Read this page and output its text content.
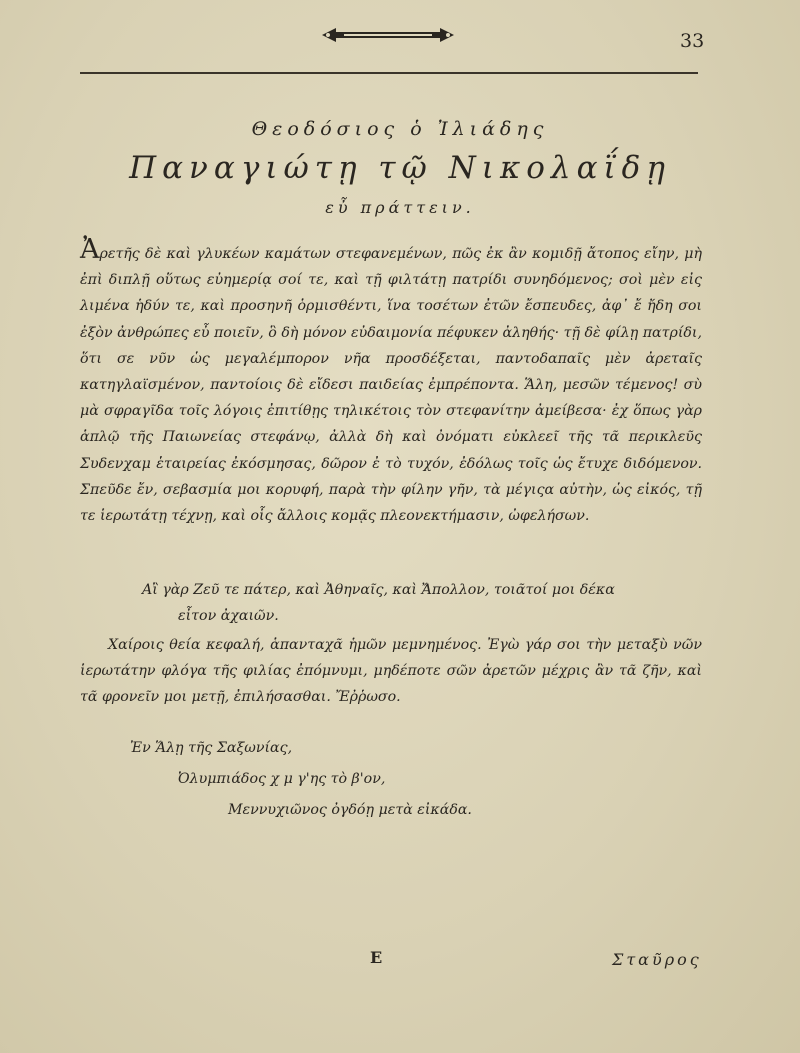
33
Θεοδόσιος ὁ Ἰλιάδης
Παναγιώτῃ τῷ Νικολαΐδῃ
εὖ πράττειν.
Ἀρετῆς δὲ καὶ γλυκέων καμάτων στεφανεμένων, πῶς ἐκ ἂν κομιδῇ ἄτοπος εἴην, μὴ ἐπὶ διπλῇ οὕτως εὐημερίᾳ σοί τε, καὶ τῇ φιλτάτῃ πατρίδι συνηδόμενος; σοὶ μὲν εἰς λιμένα ἡδύν τε, καὶ προσηνῆ ὁρμισθέντι, ἵνα τοσέτων ἐτῶν ἔσπευδες, ἀφ᾽ ἔ ἤδη σοι ἐξὸν ἀνθρώπες εὖ ποιεῖν, ὃ δὴ μόνον εὐδαιμονία πέφυκεν ἀληθής· τῇ δὲ φίλῃ πατρίδι, ὅτι σε νῦν ὡς μεγαλέμπορον νῆα προσδέξεται, παντοδαπαῖς μὲν ἀρεταῖς κατηγλαϊσμένον, παντοίοις δὲ εἴδεσι παιδείας ἐμπρέποντα. Ἅλη, μεσῶν τέμενος! σὺ μὰ σφραγῖδα τοῖς λόγοις ἐπιτίθῃς τηλικέτοις τὸν στεφανίτην ἀμείβεσα· ἐχ ὅπως γὰρ ἁπλῷ τῆς Παιωνείας στεφάνῳ, ἀλλὰ δὴ καὶ ὀνόματι εὐκλεεῖ τῆς τᾶ περικλεῦς Συδενχαμ ἑταιρείας ἐκόσμησας, δῶρον ἐ τὸ τυχόν, ἐδόλως τοῖς ὡς ἔτυχε διδόμενον. Σπεῦδε ἔν, σεβασμία μοι κορυφή, παρὰ τὴν φίλην γῆν, τὰ μέγιςα αὐτὴν, ὡς εἰκός, τῇ τε ἱερωτάτῃ τέχνῃ, καὶ οἷς ἄλλοις κομᾷς πλεονεκτήμασιν, ὠφελήσων.
Αἲ γὰρ Ζεῦ τε πάτερ, καὶ Ἀθηναῖς, καὶ Ἄπολλον, τοιᾶτοί μοι δέκα
εἶτον ἀχαιῶν.
Χαίροις θεία κεφαλή, ἁπανταχᾶ ἡμῶν μεμνημένος. Ἐγὼ γάρ σοι τὴν μεταξὺ νῶν ἱερωτάτην φλόγα τῆς φιλίας ἐπόμνυμι, μηδέποτε σῶν ἀρετῶν μέχρις ἂν τᾶ ζῆν, καὶ τᾶ φρονεῖν μοι μετῇ, ἐπιλήσασθαι. Ἔῤῥωσο.
Ἐν Ἅλῃ τῆς Σαξωνίας,
Ὀλυμπιάδος χ μ γ'ης τὸ β'ον,
Μεννυχιῶνος ὀγδόῃ μετὰ εἰκάδα.
Ε	Σταῦρος
